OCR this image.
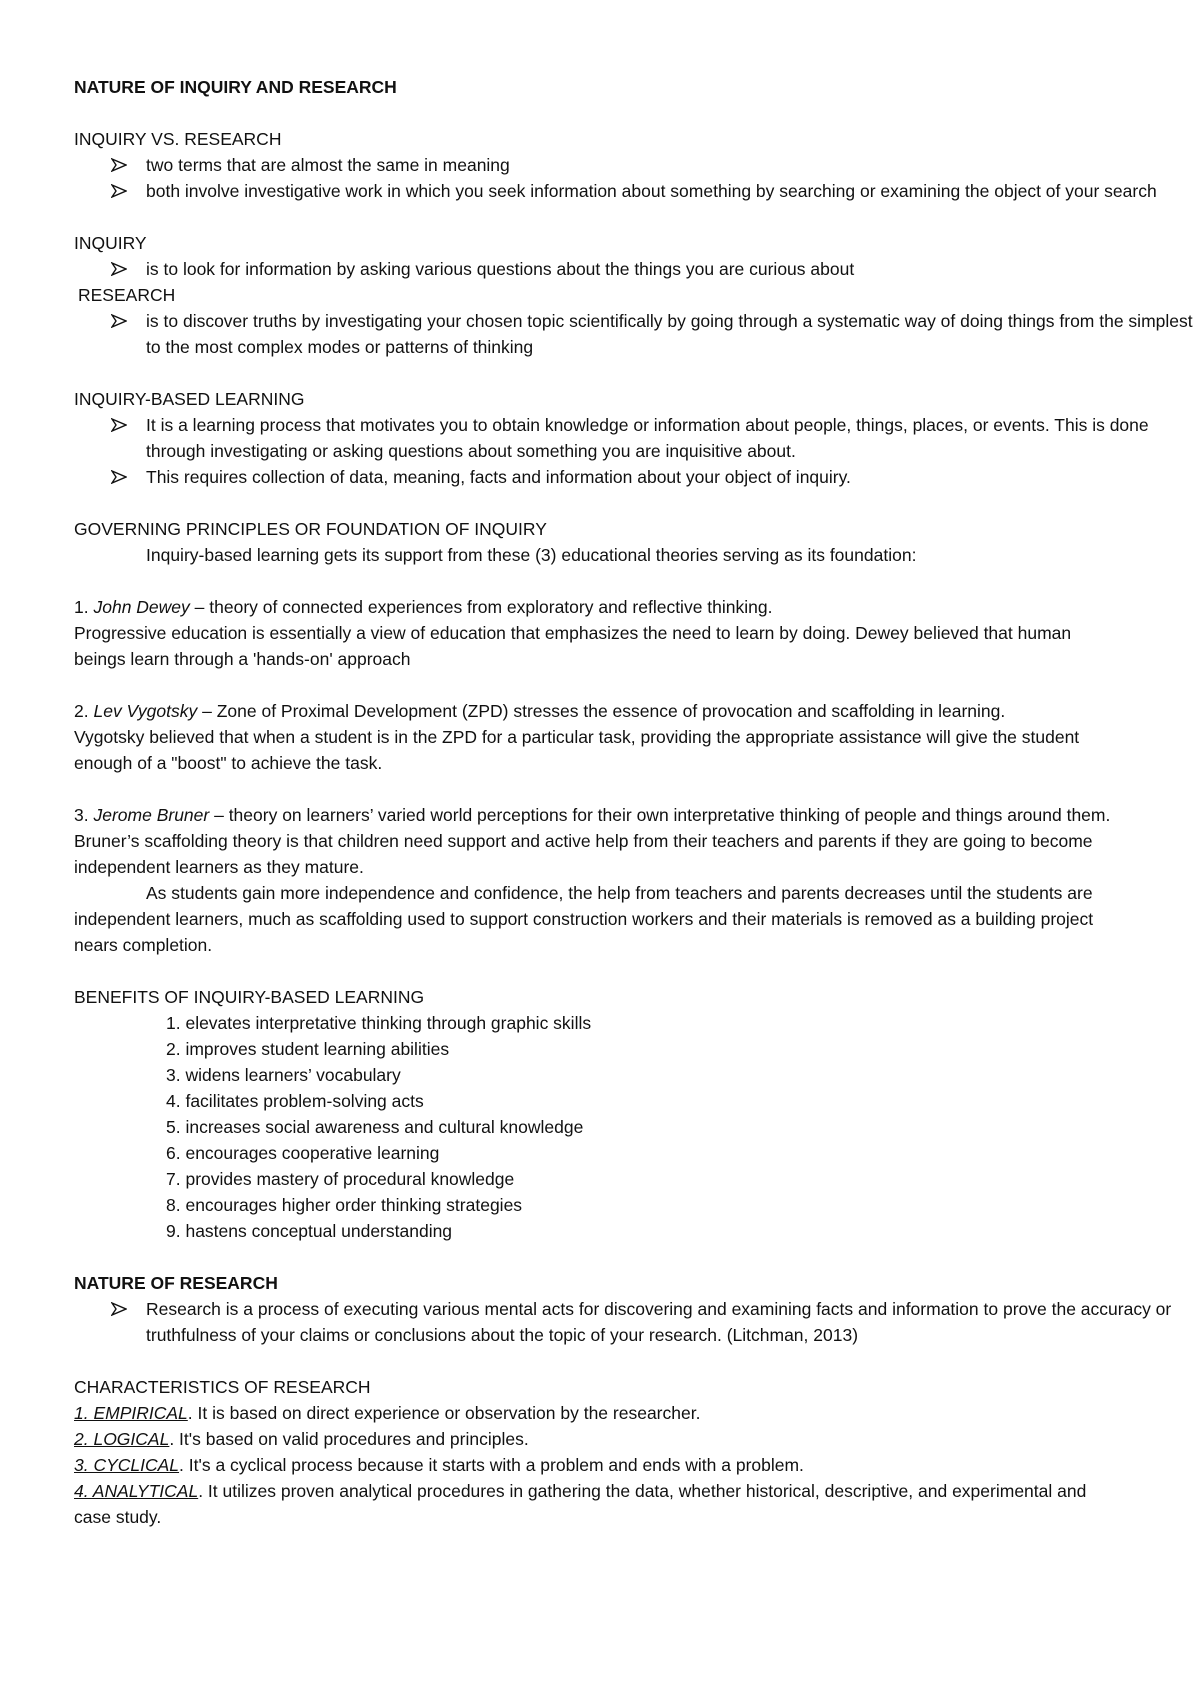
NATURE OF INQUIRY AND RESEARCH

INQUIRY VS. RESEARCH

two terms that are almost the same in meaning

both involve investigative work in which you seek information about something by searching or examining the object of your search

INQUIRY

is to look for information by asking various questions about the things you are curious about

RESEARCH

is to discover truths by investigating your chosen topic scientifically by going through a systematic way of doing things from the simplest to the most complex modes or patterns of thinking

INQUIRY-BASED LEARNING

It is a learning process that motivates you to obtain knowledge or information about people, things, places, or events. This is done through investigating or asking questions about something you are inquisitive about.

This requires collection of data, meaning, facts and information about your object of inquiry.

GOVERNING PRINCIPLES OR FOUNDATION OF INQUIRY

Inquiry-based learning gets its support from these (3) educational theories serving as its foundation:

1. John Dewey – theory of connected experiences from exploratory and reflective thinking.
Progressive education is essentially a view of education that emphasizes the need to learn by doing. Dewey believed that human beings learn through a 'hands-on' approach

2. Lev Vygotsky – Zone of Proximal Development (ZPD) stresses the essence of provocation and scaffolding in learning.
Vygotsky believed that when a student is in the ZPD for a particular task, providing the appropriate assistance will give the student enough of a "boost" to achieve the task.

3. Jerome Bruner – theory on learners’ varied world perceptions for their own interpretative thinking of people and things around them. Bruner’s scaffolding theory is that children need support and active help from their teachers and parents if they are going to become independent learners as they mature.

As students gain more independence and confidence, the help from teachers and parents decreases until the students are independent learners, much as scaffolding used to support construction workers and their materials is removed as a building project nears completion.

BENEFITS OF INQUIRY-BASED LEARNING

1. elevates interpretative thinking through graphic skills

2. improves student learning abilities

3. widens learners’ vocabulary

4. facilitates problem-solving acts

5. increases social awareness and cultural knowledge

6. encourages cooperative learning

7. provides mastery of procedural knowledge

8. encourages higher order thinking strategies

9. hastens conceptual understanding

NATURE OF RESEARCH

Research is a process of executing various mental acts for discovering and examining facts and information to prove the accuracy or truthfulness of your claims or conclusions about the topic of your research. (Litchman, 2013)

CHARACTERISTICS OF RESEARCH

1. EMPIRICAL. It is based on direct experience or observation by the researcher.

2. LOGICAL. It's based on valid procedures and principles.

3. CYCLICAL. It's a cyclical process because it starts with a problem and ends with a problem.

4. ANALYTICAL. It utilizes proven analytical procedures in gathering the data, whether historical, descriptive, and experimental and case study.
